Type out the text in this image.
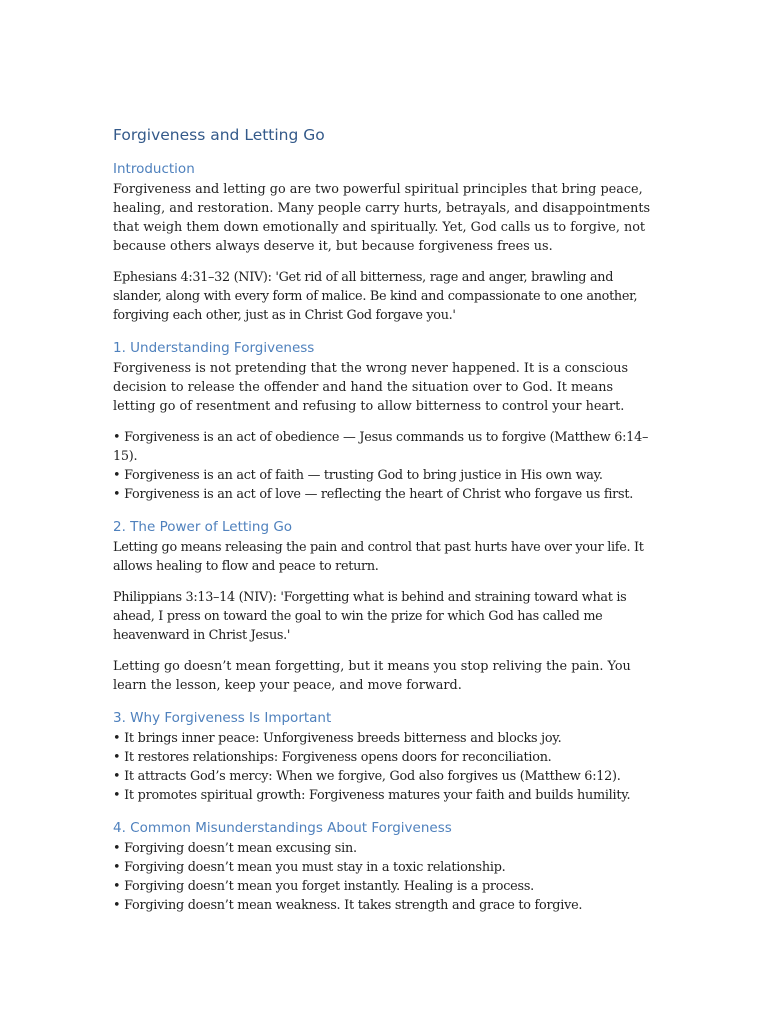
Forgiveness and Letting Go
Introduction

Forgiveness and letting go are two powerful spiritual principles that bring peace, healing, and restoration. Many people carry hurts, betrayals, and disappointments that weigh them down emotionally and spiritually. Yet, God calls us to forgive, not because others always deserve it, but because forgiveness frees us.

Ephesians 4:31–32 (NIV): 'Get rid of all bitterness, rage and anger, brawling and slander, along with every form of malice. Be kind and compassionate to one another, forgiving each other, just as in Christ God forgave you.'

1. Understanding Forgiveness

Forgiveness is not pretending that the wrong never happened. It is a conscious decision to release the offender and hand the situation over to God. It means letting go of resentment and refusing to allow bitterness to control your heart.

• Forgiveness is an act of obedience — Jesus commands us to forgive (Matthew 6:14–15).
• Forgiveness is an act of faith — trusting God to bring justice in His own way.
• Forgiveness is an act of love — reflecting the heart of Christ who forgave us first.
2. The Power of Letting Go

Letting go means releasing the pain and control that past hurts have over your life. It allows healing to flow and peace to return.

Philippians 3:13–14 (NIV): 'Forgetting what is behind and straining toward what is ahead, I press on toward the goal to win the prize for which God has called me heavenward in Christ Jesus.'

Letting go doesn’t mean forgetting, but it means you stop reliving the pain. You learn the lesson, keep your peace, and move forward.

3. Why Forgiveness Is Important
• It brings inner peace: Unforgiveness breeds bitterness and blocks joy.
• It restores relationships: Forgiveness opens doors for reconciliation.
• It attracts God’s mercy: When we forgive, God also forgives us (Matthew 6:12).
• It promotes spiritual growth: Forgiveness matures your faith and builds humility.
4. Common Misunderstandings About Forgiveness
• Forgiving doesn’t mean excusing sin.
• Forgiving doesn’t mean you must stay in a toxic relationship.
• Forgiving doesn’t mean you forget instantly. Healing is a process.
• Forgiving doesn’t mean weakness. It takes strength and grace to forgive.
